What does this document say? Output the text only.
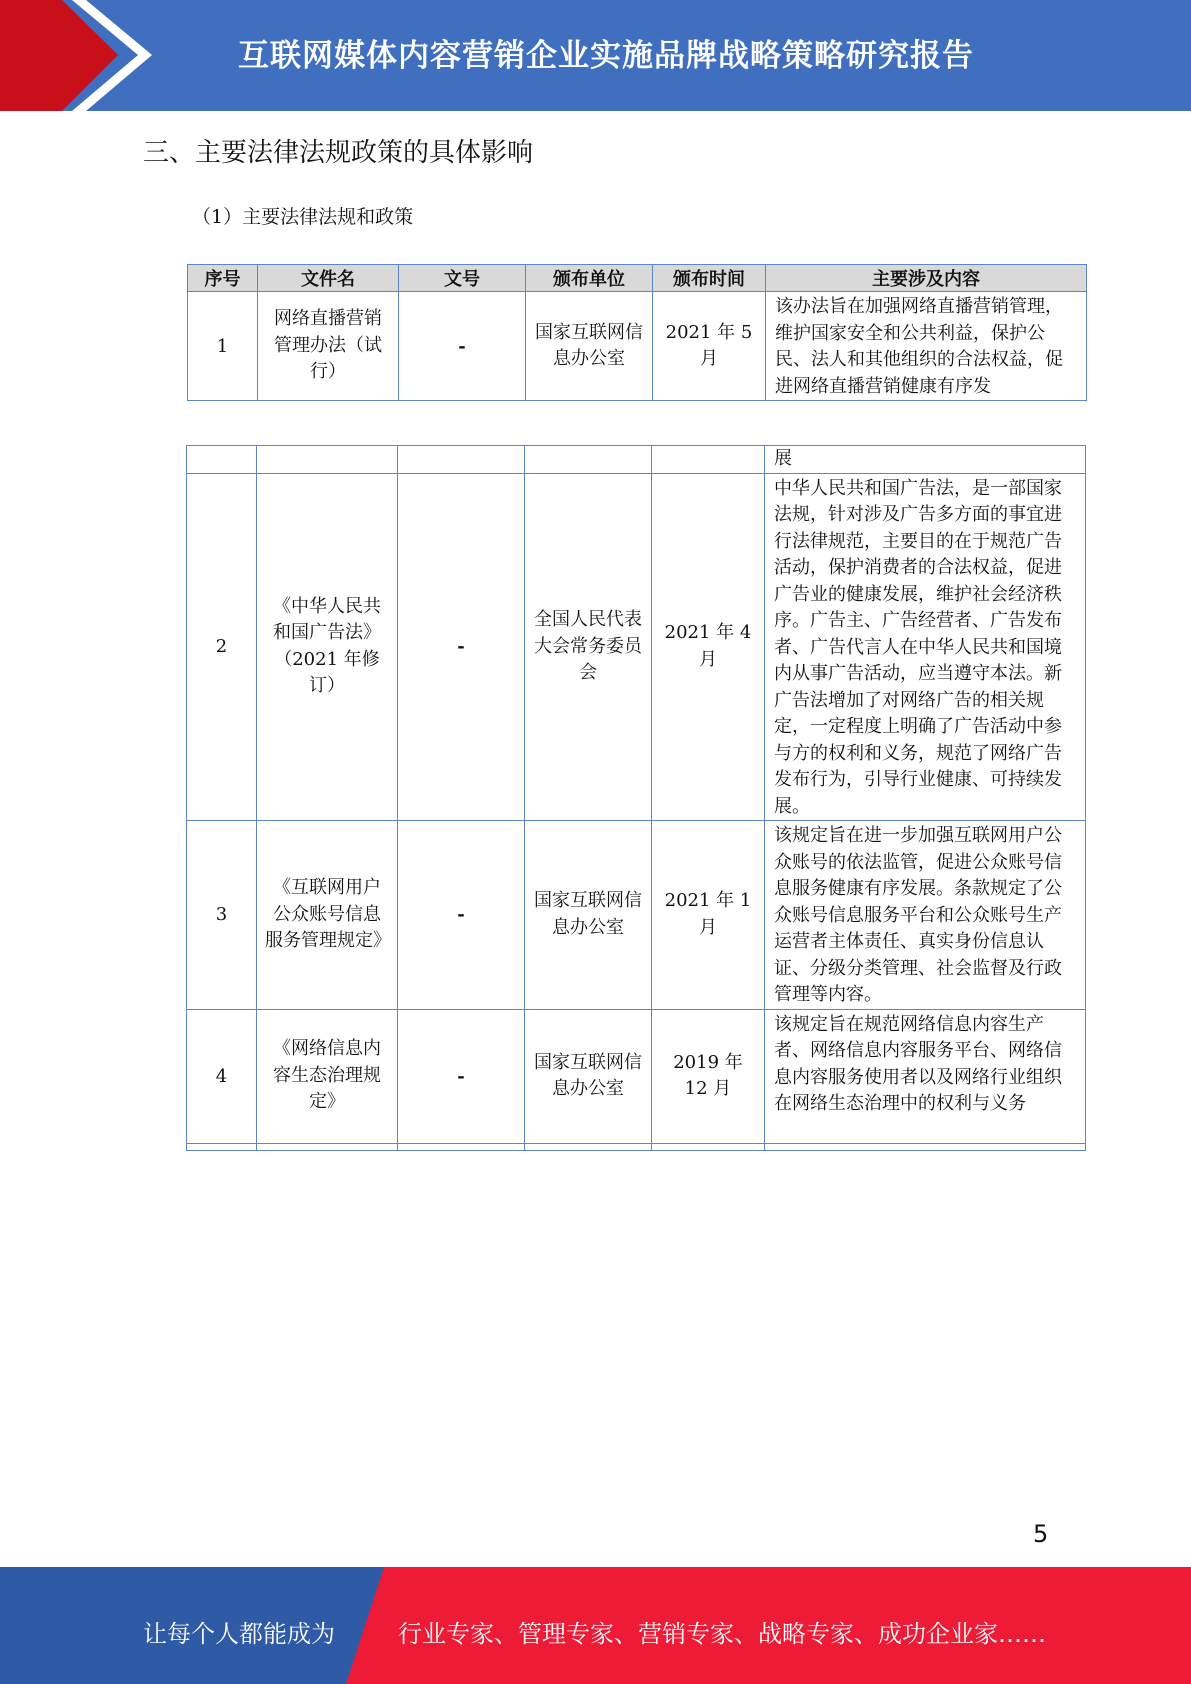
互联网媒体内容营销企业实施品牌战略策略研究报告
三、主要法律法规政策的具体影响
（1）主要法律法规和政策
序号	文件名	文号	颁布单位	颁布时间	主要涉及内容
1	网络直播营销管理办法（试行）	-	国家互联网信息办公室	2021 年 5 月	该办法旨在加强网络直播营销管理，维护国家安全和公共利益，保护公民、法人和其他组织的合法权益，促进网络直播营销健康有序发
					展
2	《中华人民共和国广告法》（2021 年修订）	-	全国人民代表大会常务委员会	2021 年 4 月	中华人民共和国广告法，是一部国家法规，针对涉及广告多方面的事宜进行法律规范，主要目的在于规范广告活动，保护消费者的合法权益，促进广告业的健康发展，维护社会经济秩序。广告主、广告经营者、广告发布者、广告代言人在中华人民共和国境内从事广告活动，应当遵守本法。新广告法增加了对网络广告的相关规定，一定程度上明确了广告活动中参与方的权利和义务，规范了网络广告发布行为，引导行业健康、可持续发展。
3	《互联网用户公众账号信息服务管理规定》	-	国家互联网信息办公室	2021 年 1 月	该规定旨在进一步加强互联网用户公众账号的依法监管，促进公众账号信息服务健康有序发展。条款规定了公众账号信息服务平台和公众账号生产运营者主体责任、真实身份信息认证、分级分类管理、社会监督及行政管理等内容。
4	《网络信息内容生态治理规定》	-	国家互联网信息办公室	2019 年 12 月	该规定旨在规范网络信息内容生产者、网络信息内容服务平台、网络信息内容服务使用者以及网络行业组织在网络生态治理中的权利与义务

5
让每个人都能成为	行业专家、管理专家、营销专家、战略专家、成功企业家……
